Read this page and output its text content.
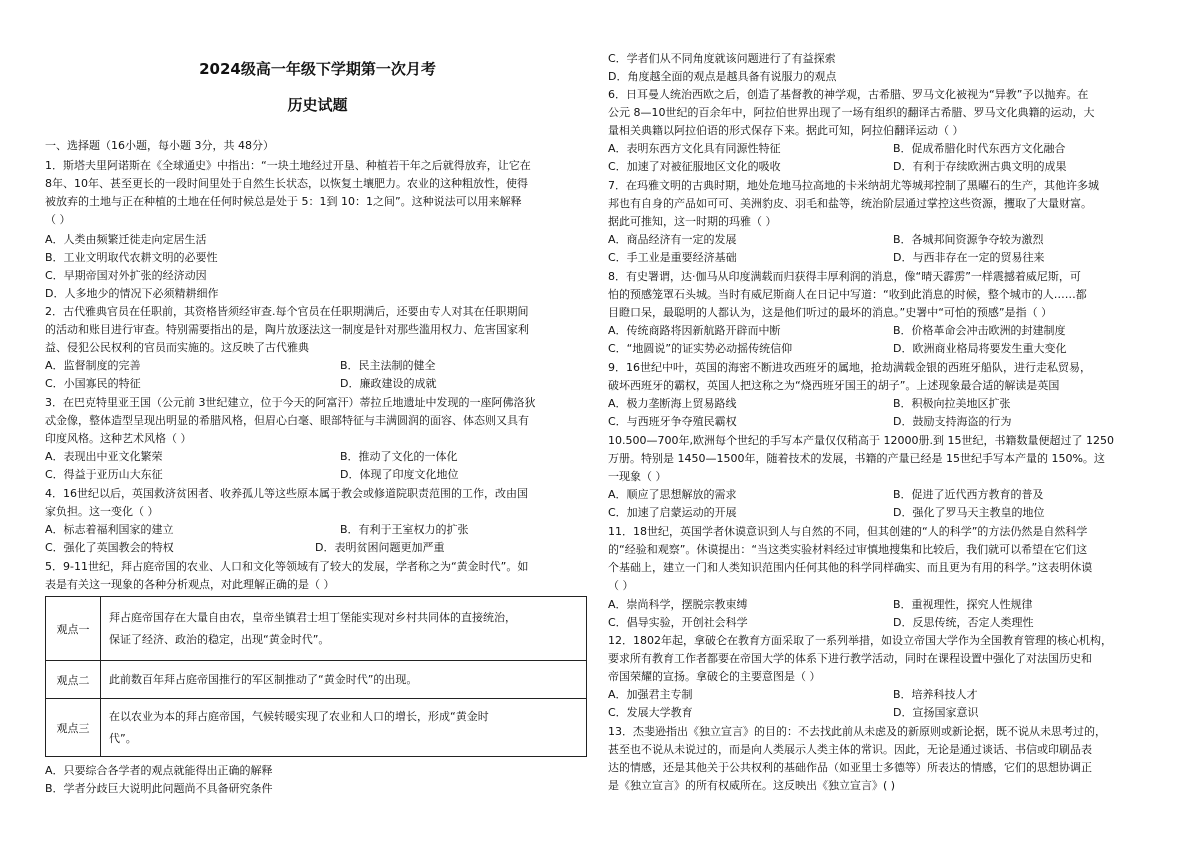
2024级高一年级下学期第一次月考
历史试题
一、选择题（16小题，每小题 3分，共 48分）
1．斯塔夫里阿诺斯在《全球通史》中指出：“一块土地经过开垦、种植若干年之后就得放弃，让它在
8年、10年、甚至更长的一段时间里处于自然生长状态，以恢复土壤肥力。农业的这种粗放性，使得
被放弃的土地与正在种植的土地在任何时候总是处于 5：1到 10：1之间”。这种说法可以用来解释
（ ）
A．人类由频繁迁徙走向定居生活
B．工业文明取代农耕文明的必要性
C．早期帝国对外扩张的经济动因
D．人多地少的情况下必须精耕细作
2．古代雅典官员在任职前，其资格皆须经审查.每个官员在任职期满后，还要由专人对其在任职期间
的活动和账目进行审查。特别需要指出的是，陶片放逐法这一制度是针对那些滥用权力、危害国家利
益、侵犯公民权利的官员而实施的。这反映了古代雅典
A．监督制度的完善	B．民主法制的健全
C．小国寡民的特征	D．廉政建设的成就
3．在巴克特里亚王国（公元前 3世纪建立，位于今天的阿富汗）蒂拉丘地遗址中发现的一座阿佛洛狄
忒金像，整体造型呈现出明显的希腊风格，但眉心白毫、眼部特征与丰满圆润的面容、体态则又具有
印度风格。这种艺术风格（ ）
A．表现出中亚文化繁荣	B．推动了文化的一体化
C．得益于亚历山大东征	D．体现了印度文化地位
4．16世纪以后，英国救济贫困者、收养孤儿等这些原本属于教会或修道院职责范围的工作，改由国
家负担。这一变化（ ）
A．标志着福利国家的建立	B．有利于王室权力的扩张
C．强化了英国教会的特权	D．表明贫困问题更加严重
5．9-11世纪，拜占庭帝国的农业、人口和文化等领域有了较大的发展，学者称之为“黄金时代”。如
表是有关这一现象的各种分析观点，对此理解正确的是（ ）
观点一	拜占庭帝国存在大量自由农，皇帝坐镇君士坦丁堡能实现对乡村共同体的直接统治，
保证了经济、政治的稳定，出现“黄金时代”。

观点二	此前数百年拜占庭帝国推行的军区制推动了“黄金时代”的出现。

观点三	在以农业为本的拜占庭帝国，气候转暖实现了农业和人口的增长，形成“黄金时
代”。
A．只要综合各学者的观点就能得出正确的解释
B．学者分歧巨大说明此问题尚不具备研究条件
C．学者们从不同角度就该问题进行了有益探索
D．角度越全面的观点是越具备有说服力的观点
6．日耳曼人统治西欧之后，创造了基督教的神学观，古希腊、罗马文化被视为“异教”予以抛弃。在
公元 8—10世纪的百余年中，阿拉伯世界出现了一场有组织的翻译古希腊、罗马文化典籍的运动，大
量相关典籍以阿拉伯语的形式保存下来。据此可知，阿拉伯翻译运动（ ）
A．表明东西方文化具有同源性特征	B．促成希腊化时代东西方文化融合
C．加速了对被征服地区文化的吸收	D．有利于存续欧洲古典文明的成果
7．在玛雅文明的古典时期，地处危地马拉高地的卡米纳胡尤等城邦控制了黑曜石的生产，其他许多城
邦也有自身的产品如可可、美洲豹皮、羽毛和盐等，统治阶层通过掌控这些资源，攫取了大量财富。
据此可推知，这一时期的玛雅（ ）
A．商品经济有一定的发展	B．各城邦间资源争夺较为激烈
C．手工业是重要经济基础	D．与西非存在一定的贸易往来
8．有史署谓，达·伽马从印度满载而归获得丰厚利润的消息，像“晴天霹雳”一样震撼着威尼斯，可
怕的预感笼罩石头城。当时有威尼斯商人在日记中写道：“收到此消息的时候，整个城市的人……都
目瞪口呆，最聪明的人都认为，这是他们听过的最坏的消息。”史署中“可怕的预感”是指（ ）
A．传统商路将因新航路开辟而中断	B．价格革命会冲击欧洲的封建制度
C．“地圆说”的证实势必动摇传统信仰	D．欧洲商业格局将要发生重大变化
9．16世纪中叶，英国的海密不断进攻西班牙的属地，抢劫满载金银的西班牙船队，进行走私贸易，
破坏西班牙的霸权，英国人把这称之为“烧西班牙国王的胡子”。上述现象最合适的解读是英国
A．极力垄断海上贸易路线	B．积极向拉美地区扩张
C．与西班牙争夺殖民霸权	D．鼓励支持海盗的行为
10.500—700年,欧洲每个世纪的手写本产量仅仅稍高于 12000册.到 15世纪，书籍数量便超过了 1250
万册。特别是 1450—1500年，随着技术的发展，书籍的产量已经是 15世纪手写本产量的 150%。这
一现象（ ）
A．顺应了思想解放的需求	B．促进了近代西方教育的普及
C．加速了启蒙运动的开展	D．强化了罗马天主教皇的地位
11．18世纪，英国学者休谟意识到人与自然的不同，但其创建的“人的科学”的方法仍然是自然科学
的“经验和观察”。休谟提出：“当这类实验材料经过审慎地搜集和比较后，我们就可以希望在它们这
个基础上，建立一门和人类知识范围内任何其他的科学同样确实、而且更为有用的科学。”这表明休谟
（ ）
A．崇尚科学，摆脱宗教束缚	B．重视理性，探究人性规律
C．倡导实验，开创社会科学	D．反思传统，否定人类理性
12．1802年起，拿破仑在教育方面采取了一系列举措，如设立帝国大学作为全国教育管理的核心机构，
要求所有教育工作者都要在帝国大学的体系下进行教学活动，同时在课程设置中强化了对法国历史和
帝国荣耀的宣扬。拿破仑的主要意图是（ ）
A．加强君主专制	B．培养科技人才
C．发展大学教育	D．宣扬国家意识
13．杰斐逊指出《独立宣言》的目的：不去找此前从未虑及的新原则或新论据，既不说从未思考过的，
甚至也不说从未说过的，而是向人类展示人类主体的常识。因此，无论是通过谈话、书信或印刷品表
达的情感，还是其他关于公共权利的基础作品（如亚里士多德等）所表达的情感，它们的思想协调正
是《独立宣言》的所有权威所在。这反映出《独立宣言》( )
